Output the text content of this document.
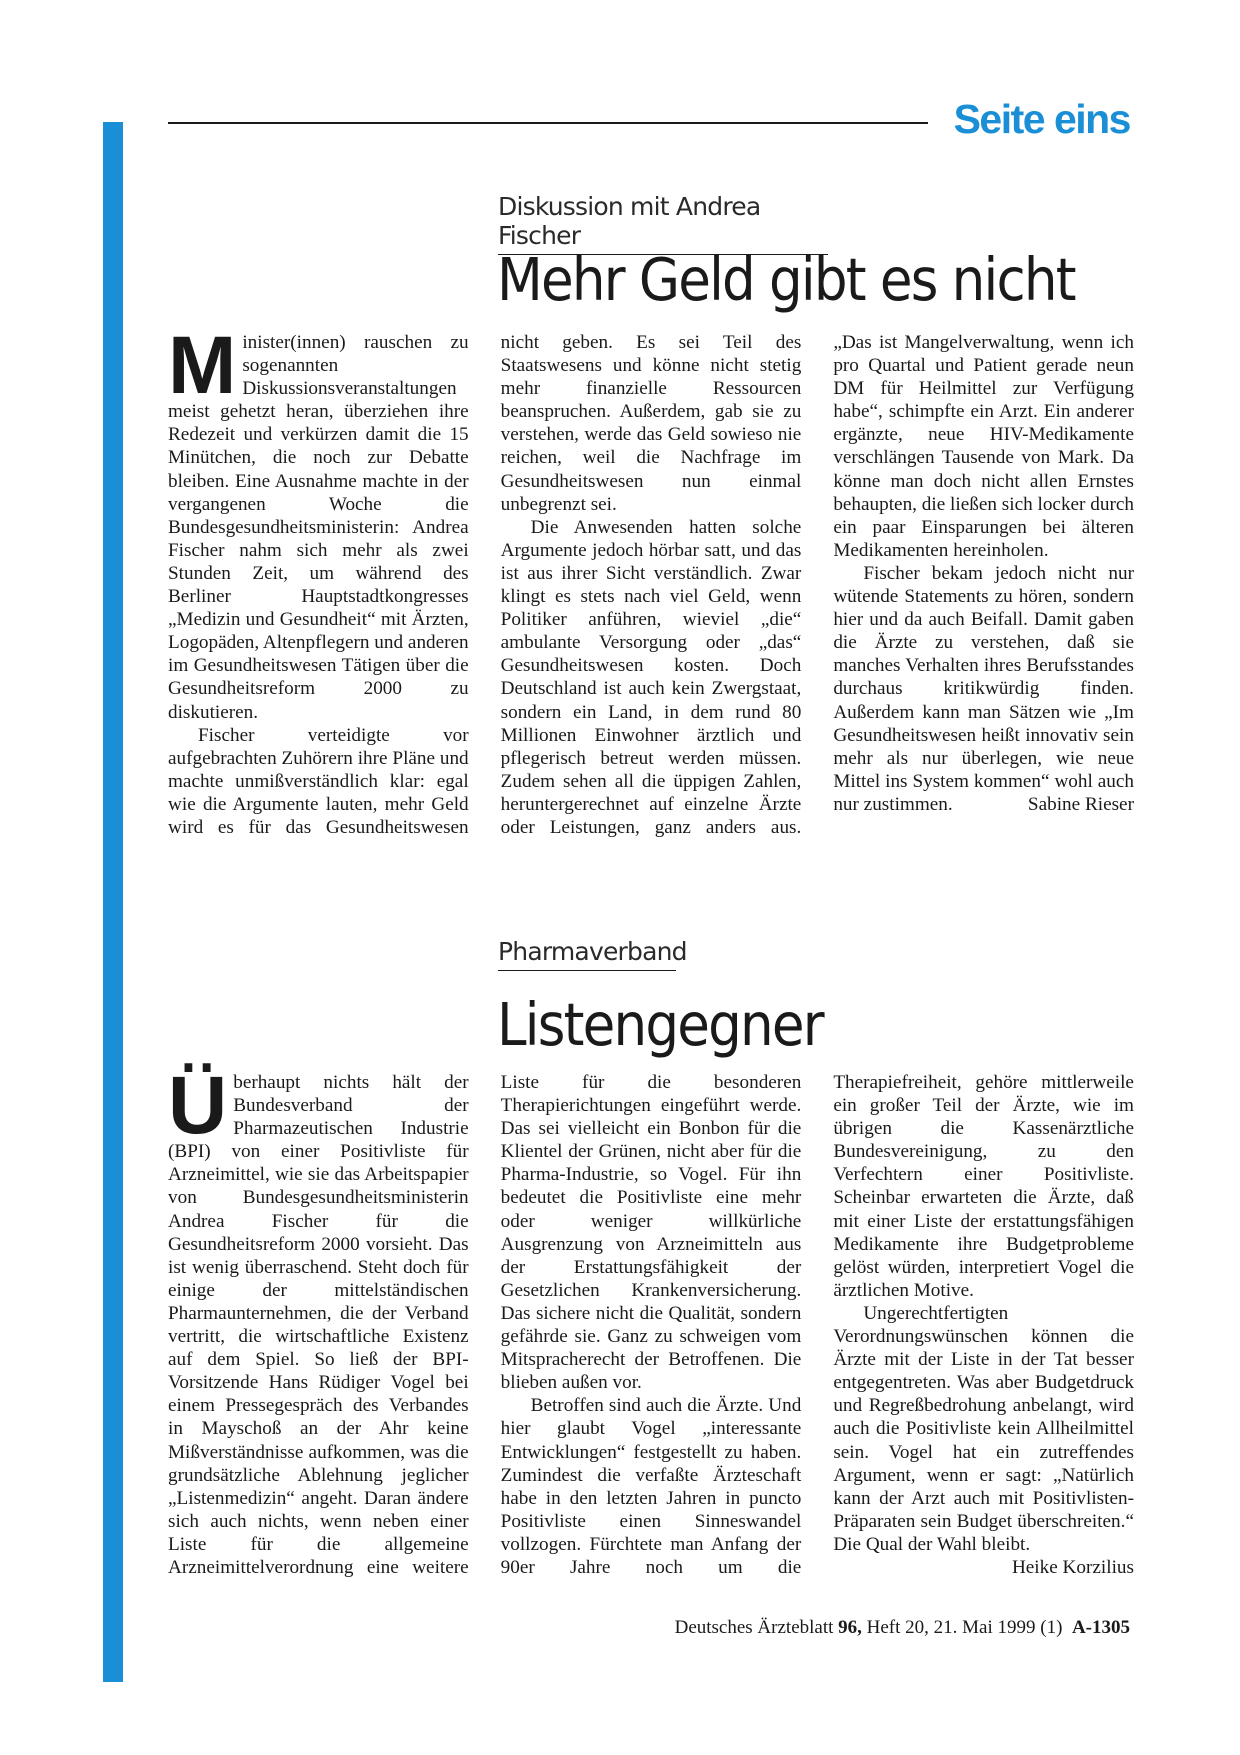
Seite eins
Diskussion mit Andrea Fischer
Mehr Geld gibt es nicht

Minister(innen) rauschen zu sogenannten Diskussionsveranstaltungen meist gehetzt heran, überziehen ihre Redezeit und verkürzen damit die 15 Minütchen, die noch zur Debatte bleiben. Eine Ausnahme machte in der vergangenen Woche die Bundesgesundheitsministerin: Andrea Fischer nahm sich mehr als zwei Stunden Zeit, um während des Berliner Hauptstadtkongresses „Medizin und Gesundheit“ mit Ärzten, Logopäden, Altenpflegern und anderen im Gesundheitswesen Tätigen über die Gesundheitsreform 2000 zu diskutieren.

Fischer verteidigte vor aufgebrachten Zuhörern ihre Pläne und machte unmißverständlich klar: egal wie die Argumente lauten, mehr Geld wird es für das Gesundheitswesen nicht geben. Es sei Teil des Staatswesens und könne nicht stetig mehr finanzielle Ressourcen beanspruchen. Außerdem, gab sie zu verstehen, werde das Geld sowieso nie reichen, weil die Nachfrage im Gesundheitswesen nun einmal unbegrenzt sei.

Die Anwesenden hatten solche Argumente jedoch hörbar satt, und das ist aus ihrer Sicht verständlich. Zwar klingt es stets nach viel Geld, wenn Politiker anführen, wieviel „die“ ambulante Versorgung oder „das“ Gesundheitswesen kosten. Doch Deutschland ist auch kein Zwergstaat, sondern ein Land, in dem rund 80 Millionen Einwohner ärztlich und pflegerisch betreut werden müssen. Zudem sehen all die üppigen Zahlen, heruntergerechnet auf einzelne Ärzte oder Leistungen, ganz anders aus. „Das ist Mangelverwaltung, wenn ich pro Quartal und Patient gerade neun DM für Heilmittel zur Verfügung habe“, schimpfte ein Arzt. Ein anderer ergänzte, neue HIV-Medikamente verschlängen Tausende von Mark. Da könne man doch nicht allen Ernstes behaupten, die ließen sich locker durch ein paar Einsparungen bei älteren Medikamenten hereinholen.

Fischer bekam jedoch nicht nur wütende Statements zu hören, sondern hier und da auch Beifall. Damit gaben die Ärzte zu verstehen, daß sie manches Verhalten ihres Berufsstandes durchaus kritikwürdig finden. Außerdem kann man Sätzen wie „Im Gesundheitswesen heißt innovativ sein mehr als nur überlegen, wie neue Mittel ins System kommen“ wohl auch nur zustimmen.	Sabine Rieser

Pharmaverband
Listengegner

Überhaupt nichts hält der Bundesverband der Pharmazeutischen Industrie (BPI) von einer Positivliste für Arzneimittel, wie sie das Arbeitspapier von Bundesgesundheitsministerin Andrea Fischer für die Gesundheitsreform 2000 vorsieht. Das ist wenig überraschend. Steht doch für einige der mittelständischen Pharmaunternehmen, die der Verband vertritt, die wirtschaftliche Existenz auf dem Spiel. So ließ der BPI-Vorsitzende Hans Rüdiger Vogel bei einem Pressegespräch des Verbandes in Mayschoß an der Ahr keine Mißverständnisse aufkommen, was die grundsätzliche Ablehnung jeglicher „Listenmedizin“ angeht. Daran ändere sich auch nichts, wenn neben einer Liste für die allgemeine Arzneimittelverordnung eine weitere Liste für die besonderen Therapierichtungen eingeführt werde. Das sei vielleicht ein Bonbon für die Klientel der Grünen, nicht aber für die Pharma-Industrie, so Vogel. Für ihn bedeutet die Positivliste eine mehr oder weniger willkürliche Ausgrenzung von Arzneimitteln aus der Erstattungsfähigkeit der Gesetzlichen Krankenversicherung. Das sichere nicht die Qualität, sondern gefährde sie. Ganz zu schweigen vom Mitspracherecht der Betroffenen. Die blieben außen vor.

Betroffen sind auch die Ärzte. Und hier glaubt Vogel „interessante Entwicklungen“ festgestellt zu haben. Zumindest die verfaßte Ärzteschaft habe in den letzten Jahren in puncto Positivliste einen Sinneswandel vollzogen. Fürchtete man Anfang der 90er Jahre noch um die Therapiefreiheit, gehöre mittlerweile ein großer Teil der Ärzte, wie im übrigen die Kassenärztliche Bundesvereinigung, zu den Verfechtern einer Positivliste. Scheinbar erwarteten die Ärzte, daß mit einer Liste der erstattungsfähigen Medikamente ihre Budgetprobleme gelöst würden, interpretiert Vogel die ärztlichen Motive.

Ungerechtfertigten Verordnungswünschen können die Ärzte mit der Liste in der Tat besser entgegentreten. Was aber Budgetdruck und Regreßbedrohung anbelangt, wird auch die Positivliste kein Allheilmittel sein. Vogel hat ein zutreffendes Argument, wenn er sagt: „Natürlich kann der Arzt auch mit Positivlisten-Präparaten sein Budget überschreiten.“ Die Qual der Wahl bleibt.
Heike Korzilius

Deutsches Ärzteblatt 96, Heft 20, 21. Mai 1999 (1) A-1305
